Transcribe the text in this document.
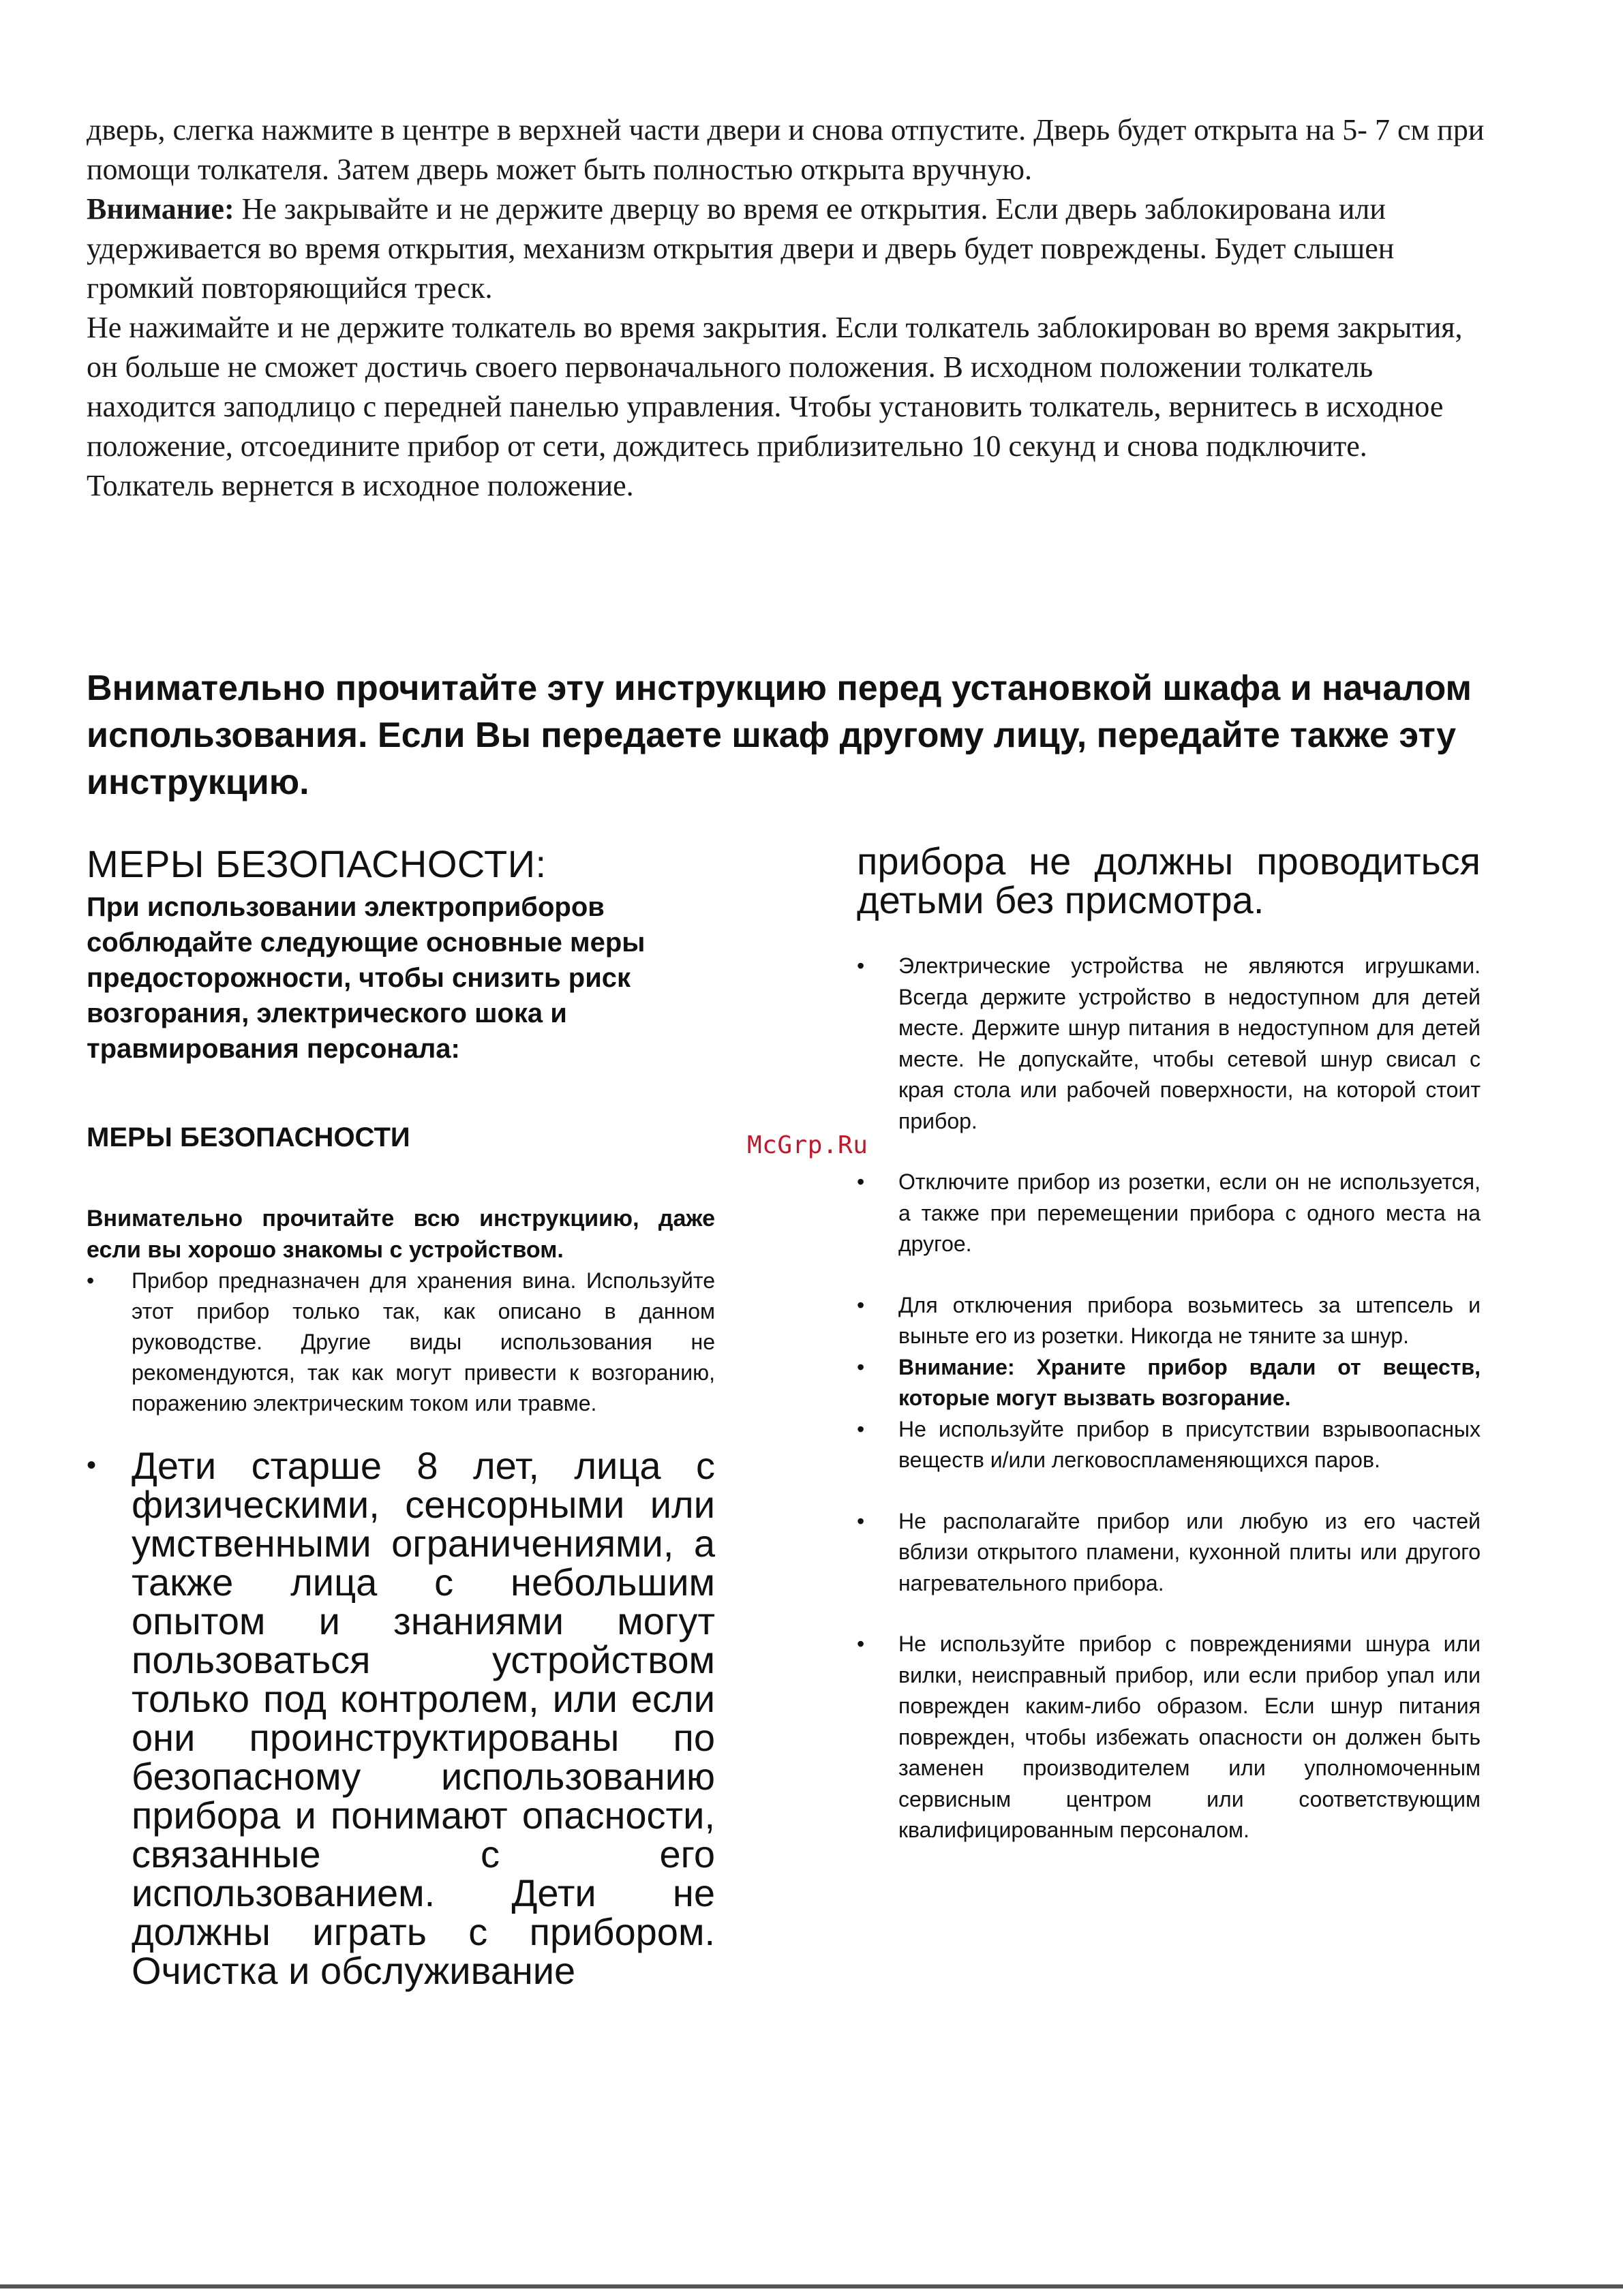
дверь, слегка нажмите в центре в верхней части двери и снова отпустите. Дверь будет открыта на 5- 7 см при помощи толкателя. Затем дверь может быть полностью открыта вручную.

Внимание: Не закрывайте и не держите дверцу во время ее открытия. Если дверь заблокирована или удерживается во время открытия, механизм открытия двери и дверь будет повреждены. Будет слышен громкий повторяющийся треск.

Не нажимайте и не держите толкатель во время закрытия. Если толкатель заблокирован во время закрытия, он больше не сможет достичь своего первоначального положения. В исходном положении толкатель находится заподлицо с передней панелью управления. Чтобы установить толкатель, вернитесь в исходное положение, отсоедините прибор от сети, дождитесь приблизительно 10 секунд и снова подключите. Толкатель вернется в исходное положение.

Внимательно прочитайте эту инструкцию перед установкой шкафа и началом использования. Если Вы передаете шкаф другому лицу, передайте также эту инструкцию.
МЕРЫ БЕЗОПАСНОСТИ:

При использовании электроприборов соблюдайте следующие основные меры предосторожности, чтобы снизить риск возгорания, электрического шока и травмирования персонала:

МЕРЫ БЕЗОПАСНОСТИ

Внимательно прочитайте всю инструкциию, даже если вы хорошо знакомы с устройством.

• Прибор предназначен для хранения вина. Используйте этот прибор только так, как описано в данном руководстве. Другие виды использования не рекомендуются, так как могут привести к возгоранию, поражению электрическим током или травме.
• Дети старше 8 лет, лица с физическими, сенсорными или умственными ограничениями, а также лица с небольшим опытом и знаниями могут пользоваться устройством только под контролем, или если они проинструктированы по безопасному использованию прибора и понимают опасности, связанные с его использованием. Дети не должны играть с прибором. Очистка и обслуживание

прибора не должны проводиться детьми без присмотра.

• Электрические устройства не являются игрушками. Всегда держите устройство в недоступном для детей месте. Держите шнур питания в недоступном для детей месте. Не допускайте, чтобы сетевой шнур свисал с края стола или рабочей поверхности, на которой стоит прибор.
• Отключите прибор из розетки, если он не используется, а также при перемещении прибора с одного места на другое.
• Для отключения прибора возьмитесь за штепсель и выньте его из розетки. Никогда не тяните за шнур.
• Внимание: Храните прибор вдали от веществ, которые могут вызвать возгорание.
• Не используйте прибор в присутствии взрывоопасных веществ и/или легковоспламеняющихся паров.
• Не располагайте прибор или любую из его частей вблизи открытого пламени, кухонной плиты или другого нагревательного прибора.
• Не используйте прибор с повреждениями шнура или вилки, неисправный прибор, или если прибор упал или поврежден каким-либо образом. Если шнур питания поврежден, чтобы избежать опасности он должен быть заменен производителем или уполномоченным сервисным центром или соответствующим квалифицированным персоналом.
McGrp.Ru
